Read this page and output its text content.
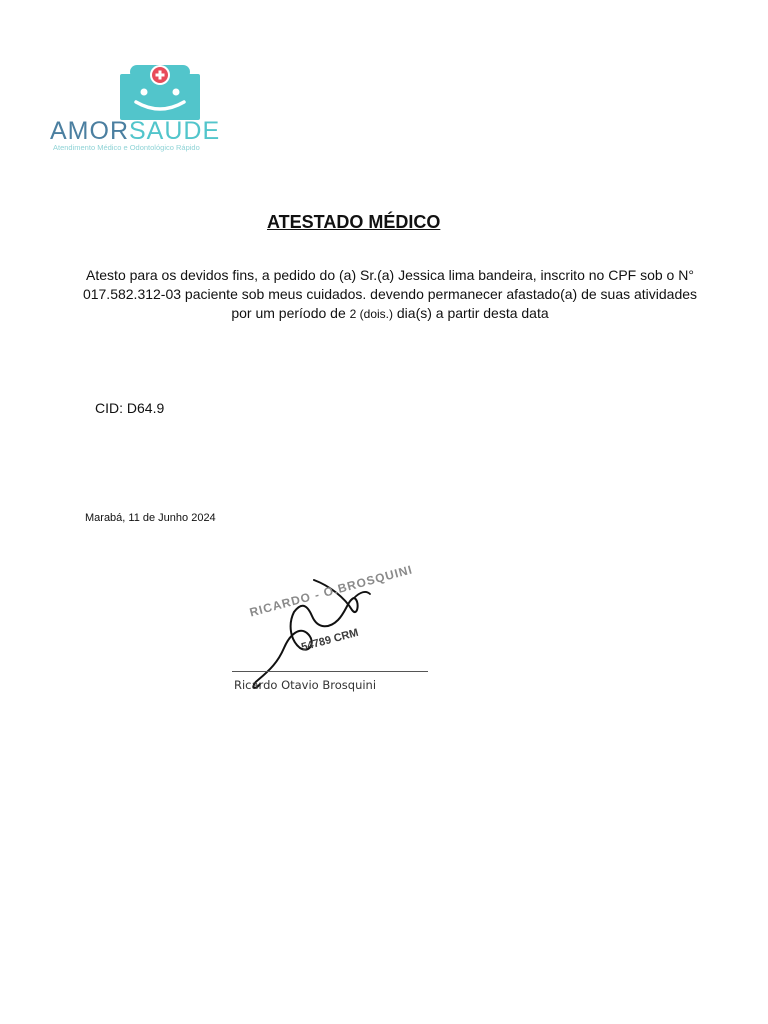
AMORSAÚDE
Atendimento Médico e Odontológico Rápido
ATESTADO MÉDICO
Atesto para os devidos fins, a pedido do (a) Sr.(a) Jessica lima bandeira, inscrito no CPF sob o N° 017.582.312-03 paciente sob meus cuidados. devendo permanecer afastado(a) de suas atividades por um período de 2 (dois.) dia(s) a partir desta data
CID: D64.9
Marabá, 11 de Junho 2024
RICARDO - O.BROSQUINI
54789 CRM
Ricardo Otavio Brosquini
